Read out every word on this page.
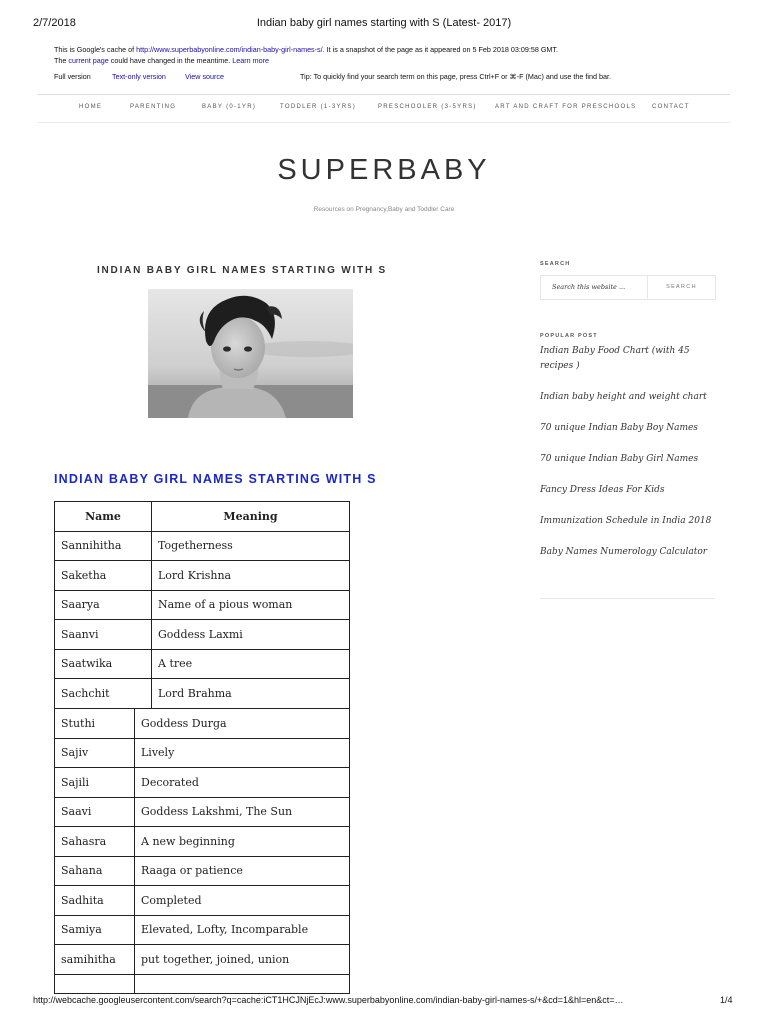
2/7/2018	Indian baby girl names starting with S (Latest- 2017)
This is Google's cache of http://www.superbabyonline.com/indian-baby-girl-names-s/. It is a snapshot of the page as it appeared on 5 Feb 2018 03:09:58 GMT.
The current page could have changed in the meantime. Learn more
Full version	Text-only version	View source	Tip: To quickly find your search term on this page, press Ctrl+F or ⌘-F (Mac) and use the find bar.
HOME	PARENTING	BABY (0-1YR)	TODDLER (1-3YRS)	PRESCHOOLER (3-5YRS)	ART AND CRAFT FOR PRESCHOOLS	CONTACT
SUPERBABY
Resources on Pregnancy,Baby and Toddler Care
INDIAN BABY GIRL NAMES STARTING WITH S
INDIAN BABY GIRL NAMES STARTING WITH S
Name	Meaning
Sannihitha	Togetherness
Saketha	Lord Krishna
Saarya	Name of a pious woman
Saanvi	Goddess Laxmi
Saatwika	A tree
Sachchit	Lord Brahma
Stuthi	Goddess Durga
Sajiv	Lively
Sajili	Decorated
Saavi	Goddess Lakshmi, The Sun
Sahasra	A new beginning
Sahana	Raaga or patience
Sadhita	Completed
Samiya	Elevated, Lofty, Incomparable
samihitha	put together, joined, union

SEARCH
Search this website ...	SEARCH
POPULAR POST
Indian Baby Food Chart (with 45 recipes )
Indian baby height and weight chart
70 unique Indian Baby Boy Names
70 unique Indian Baby Girl Names
Fancy Dress Ideas For Kids
Immunization Schedule in India 2018
Baby Names Numerology Calculator
http://webcache.googleusercontent.com/search?q=cache:iCT1HCJNjEcJ:www.superbabyonline.com/indian-baby-girl-names-s/+&cd=1&hl=en&ct=…	1/4
